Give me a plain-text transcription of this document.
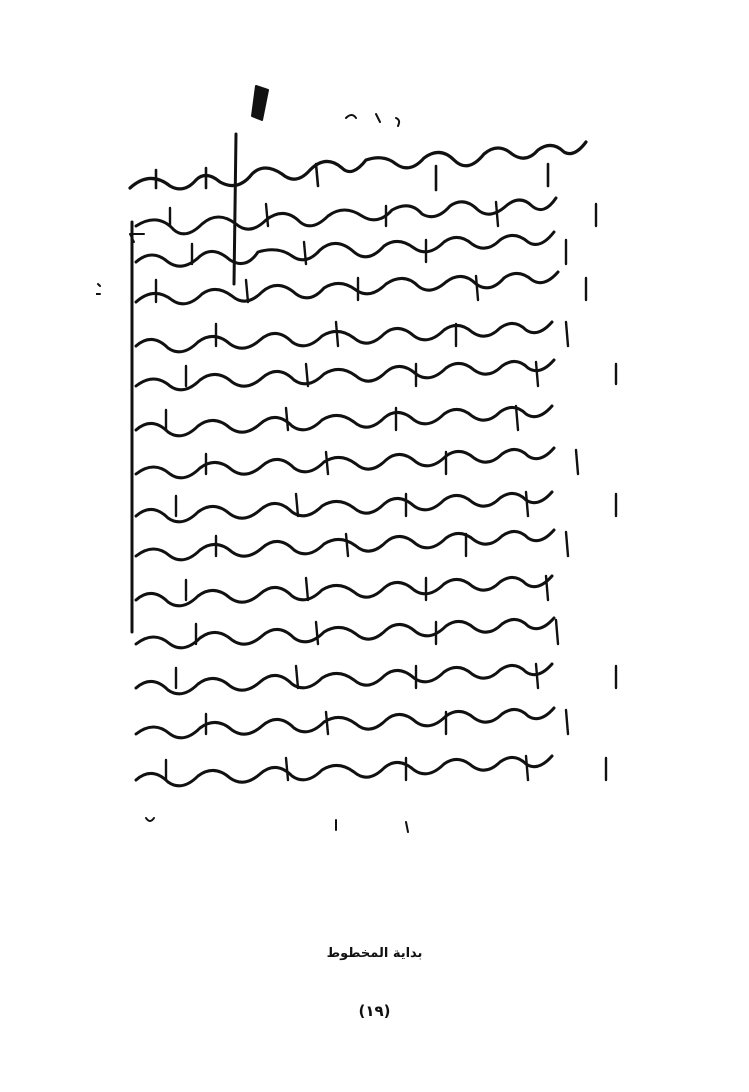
بداية المخطوط
(١٩)
